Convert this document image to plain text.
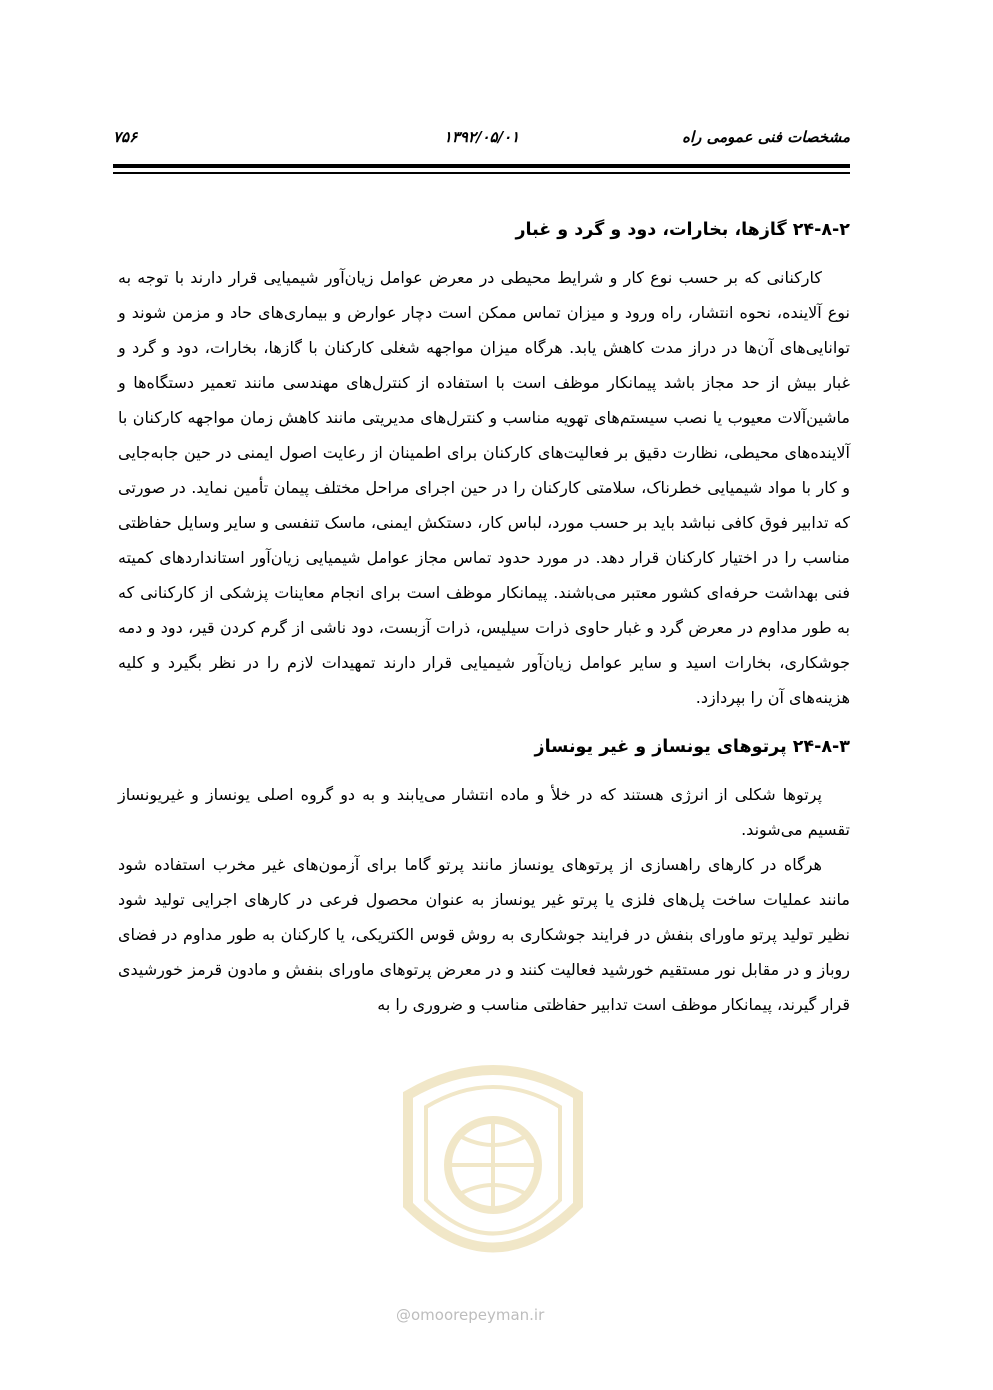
۷۵۶	۱۳۹۲/۰۵/۰۱	مشخصات فنی عمومی راه
۲۴-۸-۲ گازها، بخارات، دود و گرد و غبار

کارکنانی که بر حسب نوع کار و شرایط محیطی در معرض عوامل زیان‌آور شیمیایی قرار دارند با توجه به نوع آلاینده، نحوه انتشار، راه ورود و میزان تماس ممکن است دچار عوارض و بیماری‌های حاد و مزمن شوند و توانایی‌های آن‌ها در دراز مدت کاهش یابد. هرگاه میزان مواجهه شغلی کارکنان با گازها، بخارات، دود و گرد و غبار بیش از حد مجاز باشد پیمانکار موظف است با استفاده از کنترل‌های مهندسی مانند تعمیر دستگاه‌ها و ماشین‌آلات معیوب یا نصب سیستم‌های تهویه مناسب و کنترل‌های مدیریتی مانند کاهش زمان مواجهه کارکنان با آلاینده‌های محیطی، نظارت دقیق بر فعالیت‌های کارکنان برای اطمینان از رعایت اصول ایمنی در حین جابه‌جایی و کار با مواد شیمیایی خطرناک، سلامتی کارکنان را در حین اجرای مراحل مختلف پیمان تأمین نماید. در صورتی که تدابیر فوق کافی نباشد باید بر حسب مورد، لباس کار، دستکش ایمنی، ماسک تنفسی و سایر وسایل حفاظتی مناسب را در اختیار کارکنان قرار دهد. در مورد حدود تماس مجاز عوامل شیمیایی زیان‌آور استانداردهای کمیته فنی بهداشت حرفه‌ای کشور معتبر می‌باشند. پیمانکار موظف است برای انجام معاینات پزشکی از کارکنانی که به طور مداوم در معرض گرد و غبار حاوی ذرات سیلیس، ذرات آزبست، دود ناشی از گرم کردن قیر، دود و دمه جوشکاری، بخارات اسید و سایر عوامل زیان‌آور شیمیایی قرار دارند تمهیدات لازم را در نظر بگیرد و کلیه هزینه‌های آن را بپردازد.

۲۴-۸-۳ پرتوهای یونساز و غیر یونساز

پرتوها شکلی از انرژی هستند که در خلأ و ماده انتشار می‌یابند و به دو گروه اصلی یونساز و غیریونساز تقسیم می‌شوند.

هرگاه در کارهای راهسازی از پرتوهای یونساز مانند پرتو گاما برای آزمون‌های غیر مخرب استفاده شود مانند عملیات ساخت پل‌های فلزی یا پرتو غیر یونساز به عنوان محصول فرعی در کارهای اجرایی تولید شود نظیر تولید پرتو ماورای بنفش در فرایند جوشکاری به روش قوس الکتریکی، یا کارکنان به طور مداوم در فضای روباز و در مقابل نور مستقیم خورشید فعالیت کنند و در معرض پرتوهای ماورای بنفش و مادون قرمز خورشیدی قرار گیرند، پیمانکار موظف است تدابیر حفاظتی مناسب و ضروری را به

@omoorepeyman.ir
